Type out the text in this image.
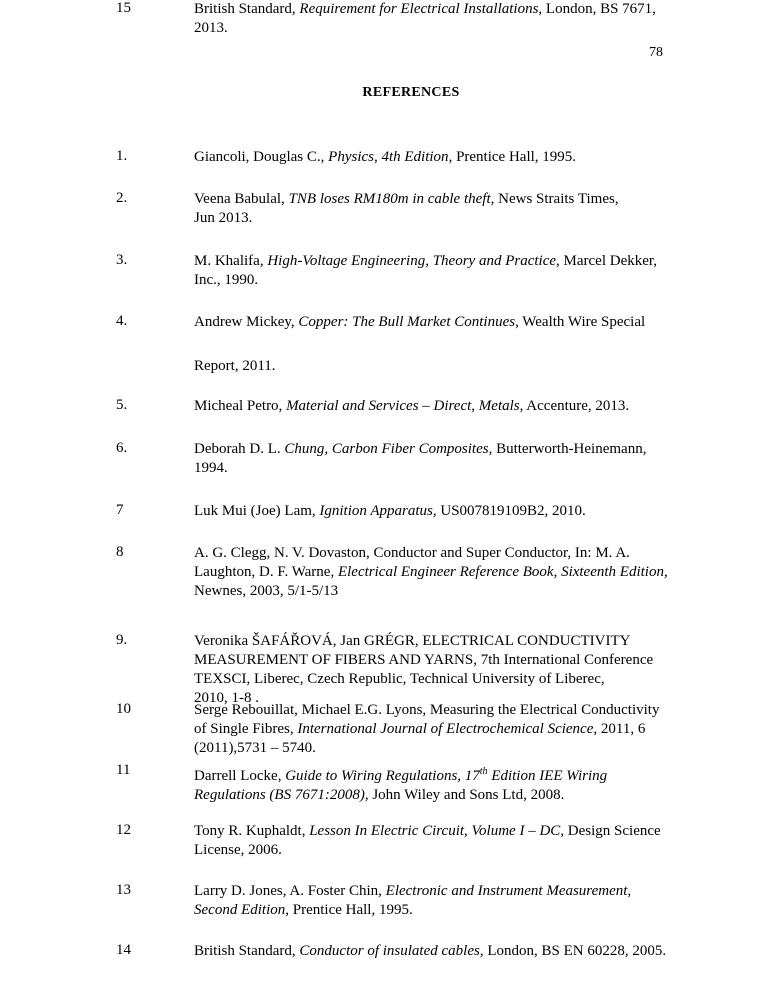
78
REFERENCES
1.	Giancoli, Douglas C., Physics, 4th Edition, Prentice Hall, 1995.
2.	Veena Babulal, TNB loses RM180m in cable theft, News Straits Times,
Jun 2013.
3.	M. Khalifa, High-Voltage Engineering, Theory and Practice, Marcel Dekker, Inc., 1990.
4.	Andrew Mickey, Copper: The Bull Market Continues, Wealth Wire Special
Report, 2011.
5.	Micheal Petro, Material and Services – Direct, Metals, Accenture, 2013.
6.	Deborah D. L. Chung, Carbon Fiber Composites, Butterworth-Heinemann, 1994.
7	Luk Mui (Joe) Lam, Ignition Apparatus, US007819109B2, 2010.
8	A. G. Clegg, N. V. Dovaston, Conductor and Super Conductor, In: M. A. Laughton, D. F. Warne, Electrical Engineer Reference Book, Sixteenth Edition, Newnes, 2003, 5/1-5/13
9.	Veronika ŠAFÁŘOVÁ, Jan GRÉGR, ELECTRICAL CONDUCTIVITY MEASUREMENT OF FIBERS AND YARNS, 7th International Conference TEXSCI, Liberec, Czech Republic, Technical University of Liberec,
2010, 1-8 .
10	Serge Rebouillat, Michael E.G. Lyons, Measuring the Electrical Conductivity of Single Fibres, International Journal of Electrochemical Science, 2011, 6 (2011),5731 – 5740.
11	Darrell Locke, Guide to Wiring Regulations, 17th Edition IEE Wiring Regulations (BS 7671:2008), John Wiley and Sons Ltd, 2008.
12	Tony R. Kuphaldt, Lesson In Electric Circuit, Volume I – DC, Design Science License, 2006.
13	Larry D. Jones, A. Foster Chin, Electronic and Instrument Measurement, Second Edition, Prentice Hall, 1995.
14	British Standard, Conductor of insulated cables, London, BS EN 60228, 2005.
15	British Standard, Requirement for Electrical Installations, London, BS 7671, 2013.
